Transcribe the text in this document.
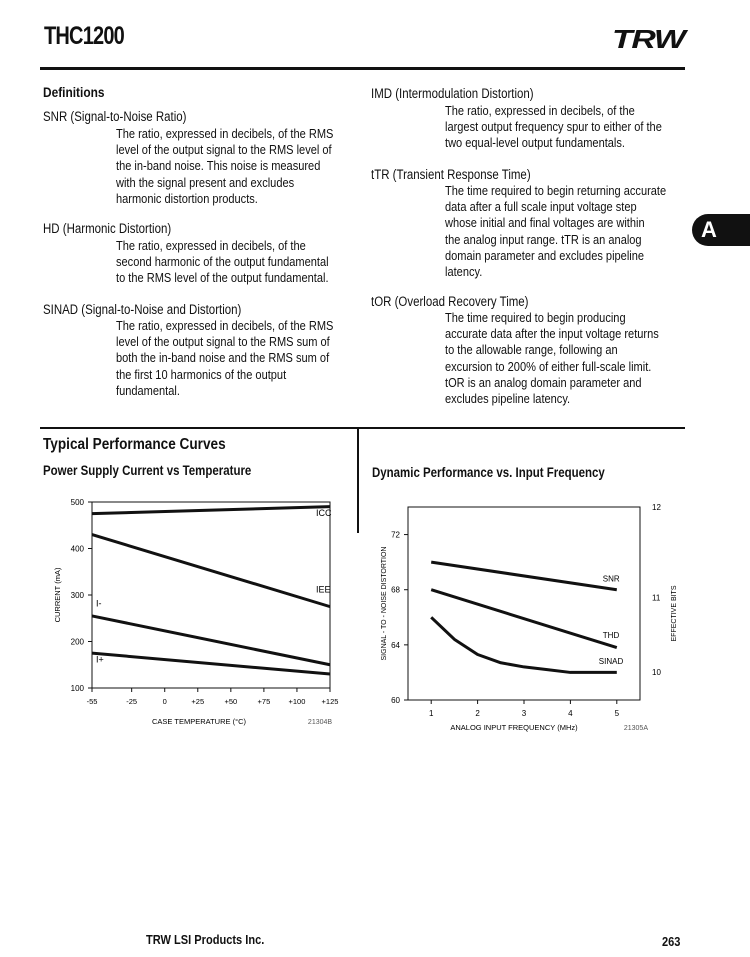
THC1200	TRW
Definitions
SNR (Signal-to-Noise Ratio)
The ratio, expressed in decibels, of the RMS
level of the output signal to the RMS level of
the in-band noise. This noise is measured
with the signal present and excludes
harmonic distortion products.
HD (Harmonic Distortion)
The ratio, expressed in decibels, of the
second harmonic of the output fundamental
to the RMS level of the output fundamental.
SINAD (Signal-to-Noise and Distortion)
The ratio, expressed in decibels, of the RMS
level of the output signal to the RMS sum of
both the in-band noise and the RMS sum of
the first 10 harmonics of the output
fundamental.
IMD (Intermodulation Distortion)
The ratio, expressed in decibels, of the
largest output frequency spur to either of the
two equal-level output fundamentals.
tTR (Transient Response Time)
The time required to begin returning accurate
data after a full scale input voltage step
whose initial and final voltages are within
the analog input range. tTR is an analog
domain parameter and excludes pipeline
latency.
tOR (Overload Recovery Time)
The time required to begin producing
accurate data after the input voltage returns
to the allowable range, following an
excursion to 200% of either full-scale limit.
tOR is an analog domain parameter and
excludes pipeline latency.
A
Typical Performance Curves
Power Supply Current vs Temperature	Dynamic Performance vs. Input Frequency
100
200
300
400
500
-55	-25	0	+25	+50	+75 +100 +125
CASE TEMPERATURE (°C)
CURRENT (mA)
21304B
ICC
IEE
I-
I+
60
64
68
72
10
11
12
1	2	3	4	5
ANALOG INPUT FREQUENCY (MHz)
SIGNAL - TO - NOISE DISTORTION	EFFECTIVE BITS
21305A
SNR
THD
SINAD
TRW LSI Products Inc.	263
